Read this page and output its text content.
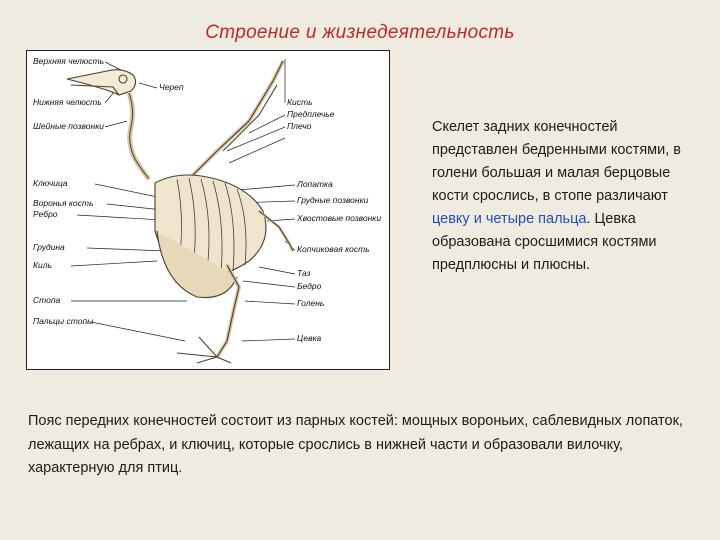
Строение и жизнедеятельность
Верхняя челюсть
Нижняя челюсть
Шейные позвонки
Ключица
Воронья кость
Ребро
Грудина
Киль
Стопа
Пальцы стопы
Череп
Кисть
Предплечье
Плечо
Лопатка
Грудные позвонки
Хвостовые позвонки
Копчиковая кость
Таз
Бедро
Голень
Цевка
Скелет задних конечностей представлен бедренными костями, в голени большая и малая берцовые кости срослись, в стопе различают цевку и четыре пальца. Цевка образована сросшимися костями предплюсны и плюсны.
Пояс передних конечностей состоит из парных костей: мощных вороньих, саблевидных лопаток, лежащих на ребрах, и ключиц, которые срослись в нижней части и образовали вилочку, характерную для птиц.
